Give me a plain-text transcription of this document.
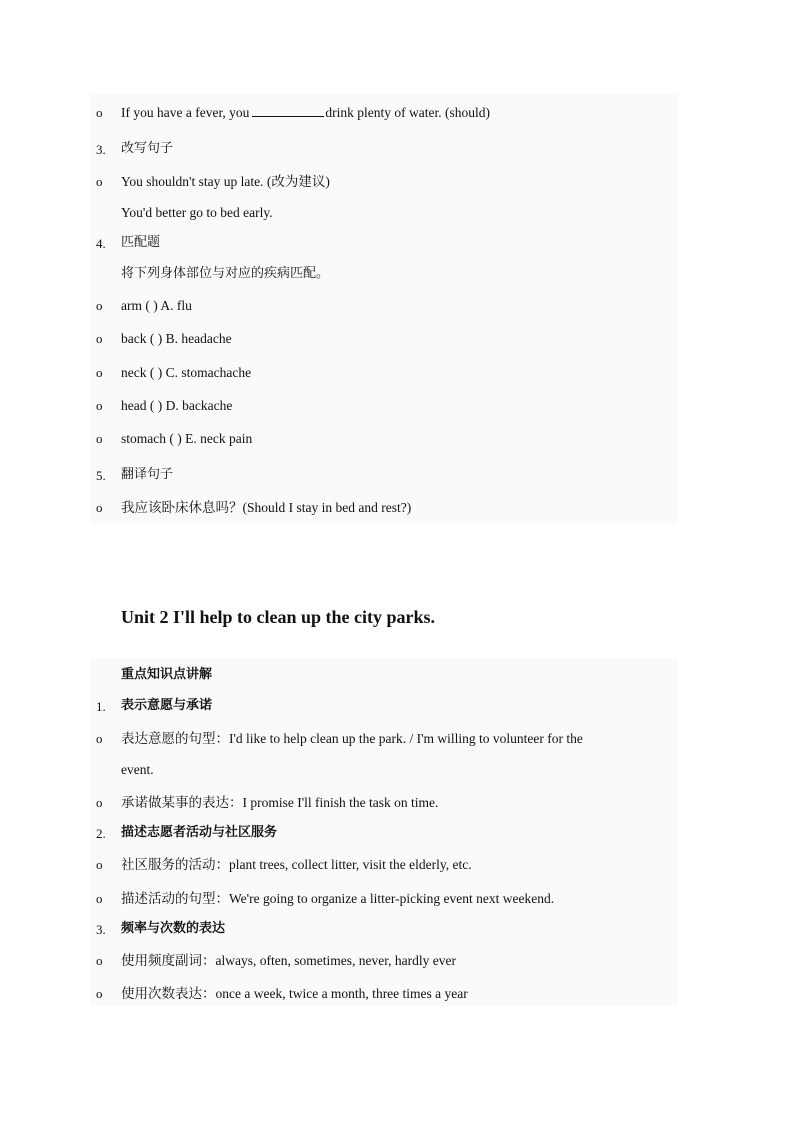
o If you have a fever, you	drink plenty of water. (should)
3. 改写句子
o You shouldn't stay up late. (改为建议)
You'd better go to bed early.
4. 匹配题
将下列身体部位与对应的疾病匹配。
o arm ( ) A. flu
o back ( ) B. headache
o neck ( ) C. stomachache
o head ( ) D. backache
o stomach ( ) E. neck pain
5. 翻译句子
o 我应该卧床休息吗？(Should I stay in bed and rest?)
Unit 2 I'll help to clean up the city parks.
重点知识点讲解
1. 表示意愿与承诺
o 表达意愿的句型：I'd like to help clean up the park. / I'm willing to volunteer for the
event.
o 承诺做某事的表达：I promise I'll finish the task on time.
2. 描述志愿者活动与社区服务
o 社区服务的活动：plant trees, collect litter, visit the elderly, etc.
o 描述活动的句型：We're going to organize a litter-picking event next weekend.
3. 频率与次数的表达
o 使用频度副词：always, often, sometimes, never, hardly ever
o 使用次数表达：once a week, twice a month, three times a year
